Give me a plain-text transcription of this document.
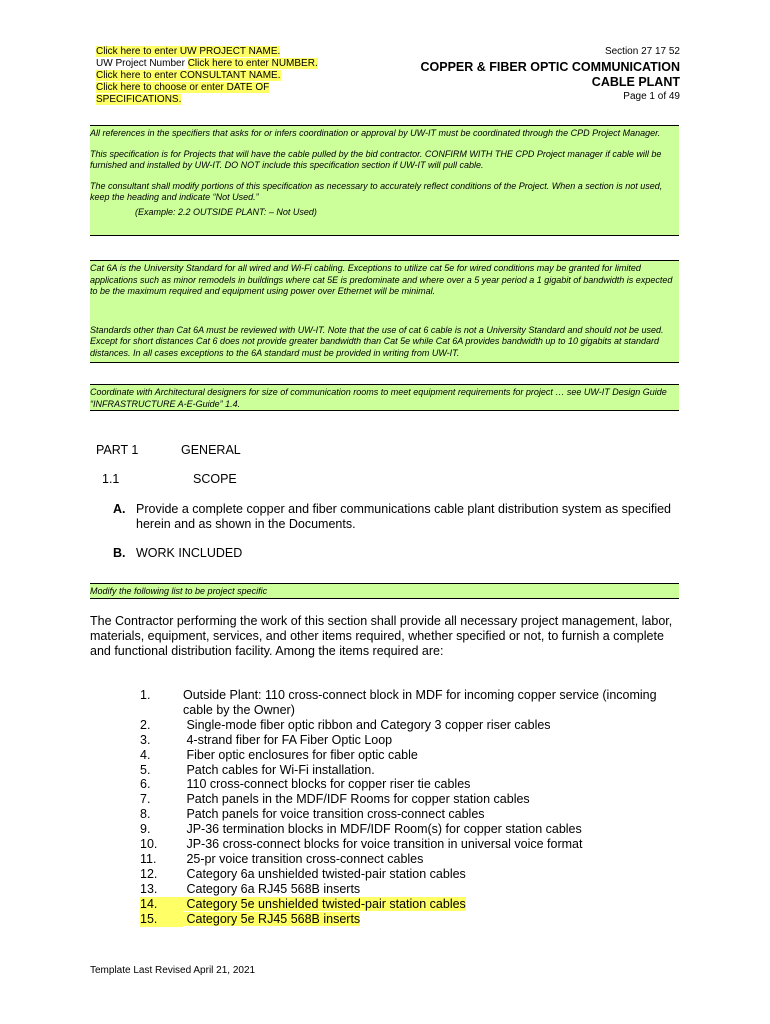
Click here to enter UW PROJECT NAME.
UW Project Number Click here to enter NUMBER.
Click here to enter CONSULTANT NAME.
Click here to choose or enter DATE OF
SPECIFICATIONS.
Section 27 17 52
COPPER & FIBER OPTIC COMMUNICATION
CABLE PLANT
Page 1 of 49

All references in the specifiers that asks for or infers coordination or approval by UW-IT must be coordinated through the CPD Project Manager.

This specification is for Projects that will have the cable pulled by the bid contractor. CONFIRM WITH THE CPD Project manager if cable will be furnished and installed by UW-IT. DO NOT include this specification section if UW-IT will pull cable.

The consultant shall modify portions of this specification as necessary to accurately reflect conditions of the Project. When a section is not used, keep the heading and indicate “Not Used.”

(Example: 2.2 OUTSIDE PLANT: – Not Used)

Cat 6A is the University Standard for all wired and Wi-Fi cabling. Exceptions to utilize cat 5e for wired conditions may be granted for limited applications such as minor remodels in buildings where cat 5E is predominate and where over a 5 year period a 1 gigabit of bandwidth is expected to be the maximum required and equipment using power over Ethernet will be minimal.

Standards other than Cat 6A must be reviewed with UW-IT. Note that the use of cat 6 cable is not a University Standard and should not be used. Except for short distances Cat 6 does not provide greater bandwidth than Cat 5e while Cat 6A provides bandwidth up to 10 gigabits at standard distances. In all cases exceptions to the 6A standard must be provided in writing from UW-IT.

Coordinate with Architectural designers for size of communication rooms to meet equipment requirements for project … see UW-IT Design Guide “INFRASTRUCTURE A-E-Guide” 1.4.

PART 1	GENERAL
1.1	SCOPE
A. Provide a complete copper and fiber communications cable plant distribution system as specified herein and as shown in the Documents.
B. WORK INCLUDED

Modify the following list to be project specific

The Contractor performing the work of this section shall provide all necessary project management, labor, materials, equipment, services, and other items required, whether specified or not, to furnish a complete and functional distribution facility. Among the items required are:
1.	Outside Plant: 110 cross-connect block in MDF for incoming copper service (incoming cable by the Owner)
2.	Single-mode fiber optic ribbon and Category 3 copper riser cables
3.	4-strand fiber for FA Fiber Optic Loop
4.	Fiber optic enclosures for fiber optic cable
5.	Patch cables for Wi-Fi installation.
6.	110 cross-connect blocks for copper riser tie cables
7.	Patch panels in the MDF/IDF Rooms for copper station cables
8.	Patch panels for voice transition cross-connect cables
9.	JP-36 termination blocks in MDF/IDF Room(s) for copper station cables
10.	JP-36 cross-connect blocks for voice transition in universal voice format
11.	25-pr voice transition cross-connect cables
12.	Category 6a unshielded twisted-pair station cables
13.	Category 6a RJ45 568B inserts
14.	Category 5e unshielded twisted-pair station cables
15.	Category 5e RJ45 568B inserts
Template Last Revised April 21, 2021
